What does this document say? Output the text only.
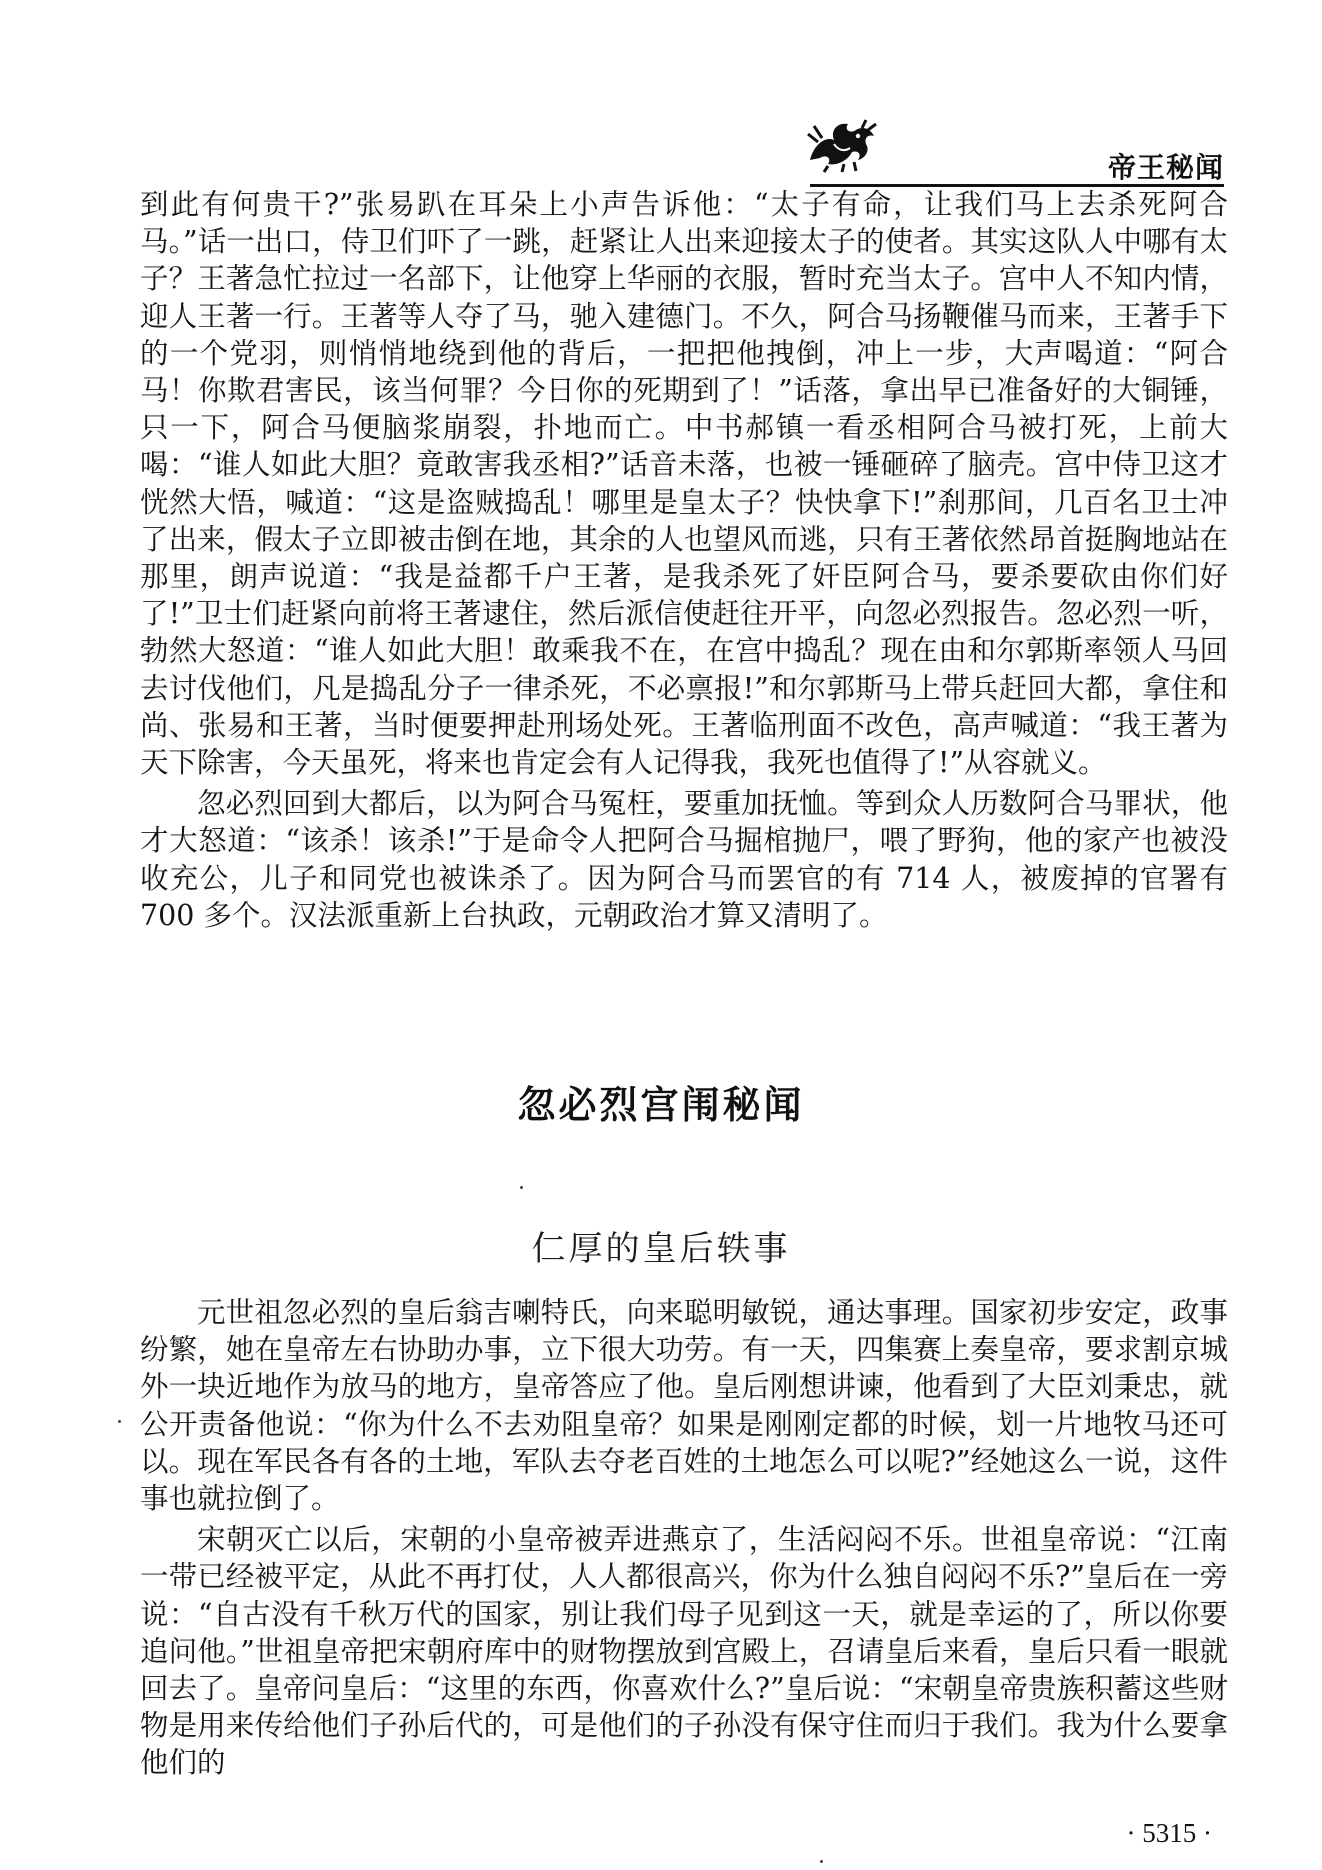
帝王秘闻

到此有何贵干?”张易趴在耳朵上小声告诉他：“太子有命，让我们马上去杀死阿合马。”话一出口，侍卫们吓了一跳，赶紧让人出来迎接太子的使者。其实这队人中哪有太子？王著急忙拉过一名部下，让他穿上华丽的衣服，暂时充当太子。宫中人不知内情，迎人王著一行。王著等人夺了马，驰入建德门。不久，阿合马扬鞭催马而来，王著手下的一个党羽，则悄悄地绕到他的背后，一把把他拽倒，冲上一步，大声喝道：“阿合马！你欺君害民，该当何罪？今日你的死期到了！”话落，拿出早已准备好的大铜锤，只一下，阿合马便脑浆崩裂，扑地而亡。中书郝镇一看丞相阿合马被打死，上前大喝：“谁人如此大胆？竟敢害我丞相?”话音未落，也被一锤砸碎了脑壳。宫中侍卫这才恍然大悟，喊道：“这是盗贼捣乱！哪里是皇太子？快快拿下!”刹那间，几百名卫士冲了出来，假太子立即被击倒在地，其余的人也望风而逃，只有王著依然昂首挺胸地站在那里，朗声说道：“我是益都千户王著，是我杀死了奸臣阿合马，要杀要砍由你们好了!”卫士们赶紧向前将王著逮住，然后派信使赶往开平，向忽必烈报告。忽必烈一听，勃然大怒道：“谁人如此大胆！敢乘我不在，在宫中捣乱？现在由和尔郭斯率领人马回去讨伐他们，凡是捣乱分子一律杀死，不必禀报!”和尔郭斯马上带兵赶回大都，拿住和尚、张易和王著，当时便要押赴刑场处死。王著临刑面不改色，高声喊道：“我王著为天下除害，今天虽死，将来也肯定会有人记得我，我死也值得了!”从容就义。

忽必烈回到大都后，以为阿合马冤枉，要重加抚恤。等到众人历数阿合马罪状，他才大怒道：“该杀！该杀!”于是命令人把阿合马掘棺抛尸，喂了野狗，他的家产也被没收充公，儿子和同党也被诛杀了。因为阿合马而罢官的有 714 人，被废掉的官署有 700 多个。汉法派重新上台执政，元朝政治才算又清明了。

忽必烈宫闱秘闻
仁厚的皇后轶事

元世祖忽必烈的皇后翁吉喇特氏，向来聪明敏锐，通达事理。国家初步安定，政事纷繁，她在皇帝左右协助办事，立下很大功劳。有一天，四集赛上奏皇帝，要求割京城外一块近地作为放马的地方，皇帝答应了他。皇后刚想讲谏，他看到了大臣刘秉忠，就公开责备他说：“你为什么不去劝阻皇帝？如果是刚刚定都的时候，划一片地牧马还可以。现在军民各有各的土地，军队去夺老百姓的土地怎么可以呢?”经她这么一说，这件事也就拉倒了。

宋朝灭亡以后，宋朝的小皇帝被弄进燕京了，生活闷闷不乐。世祖皇帝说：“江南一带已经被平定，从此不再打仗，人人都很高兴，你为什么独自闷闷不乐?”皇后在一旁说：“自古没有千秋万代的国家，别让我们母子见到这一天，就是幸运的了，所以你要追问他。”世祖皇帝把宋朝府库中的财物摆放到宫殿上，召请皇后来看，皇后只看一眼就回去了。皇帝问皇后：“这里的东西，你喜欢什么?”皇后说：“宋朝皇帝贵族积蓄这些财物是用来传给他们子孙后代的，可是他们的子孙没有保守住而归于我们。我为什么要拿他们的

· 5315 ·
